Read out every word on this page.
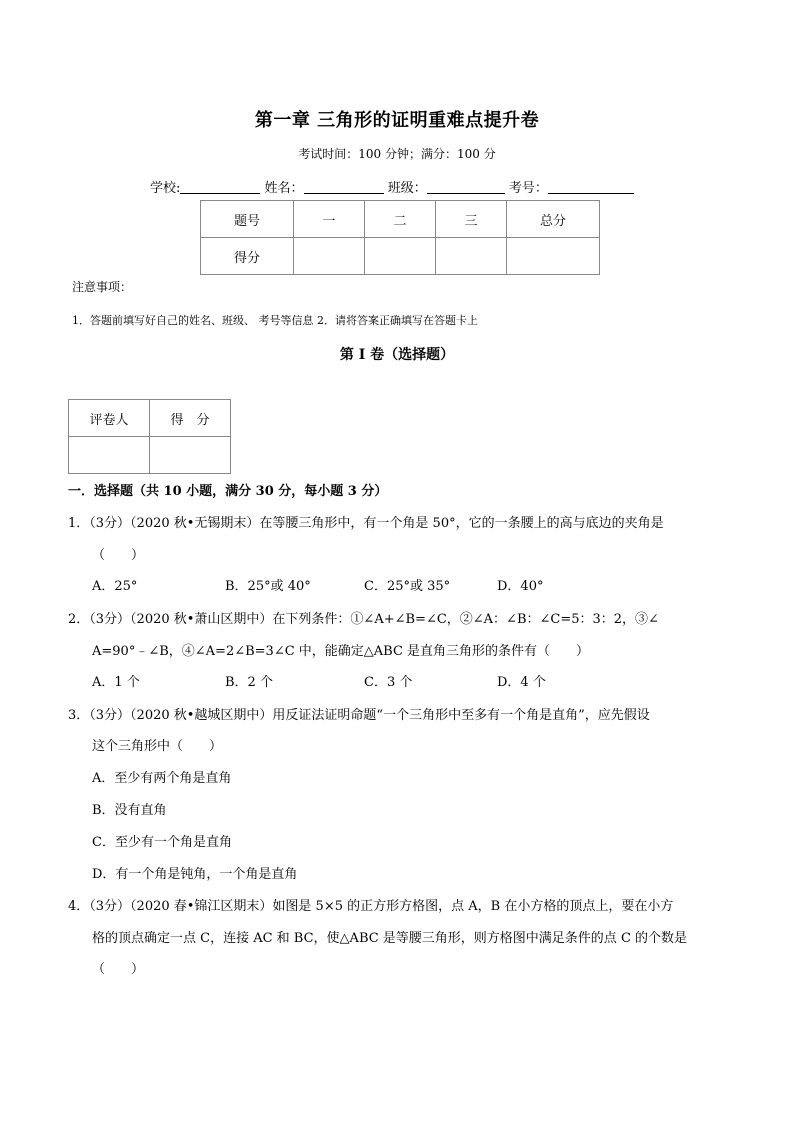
第一章 三角形的证明重难点提升卷
考试时间：100 分钟；满分：100 分
学校:	姓名：	班级：	考号：
题号	一	二	三	总分
得分				
注意事项：
1．答题前填写好自己的姓名、班级、 考号等信息 2．请将答案正确填写在答题卡上
第 I 卷（选择题）
评卷人	得　分

一．选择题（共 10 小题，满分 30 分，每小题 3 分）
1．（3分）（2020 秋•无锡期末）在等腰三角形中，有一个角是 50°，它的一条腰上的高与底边的夹角是
（　　）
A．25°	B．25°或 40°	C．25°或 35°	D．40°
2．（3分）（2020 秋•萧山区期中）在下列条件：①∠A+∠B=∠C，②∠A：∠B：∠C=5：3：2，③∠
A=90°﹣∠B，④∠A=2∠B=3∠C 中，能确定△ABC 是直角三角形的条件有（　　）
A．1 个	B．2 个	C．3 个	D．4 个
3．（3分）（2020 秋•越城区期中）用反证法证明命题“一个三角形中至多有一个角是直角”，应先假设
这个三角形中（　　）
A．至少有两个角是直角
B．没有直角
C．至少有一个角是直角
D．有一个角是钝角，一个角是直角
4．（3分）（2020 春•锦江区期末）如图是 5×5 的正方形方格图，点 A，B 在小方格的顶点上，要在小方
格的顶点确定一点 C，连接 AC 和 BC，使△ABC 是等腰三角形，则方格图中满足条件的点 C 的个数是
（　　）
